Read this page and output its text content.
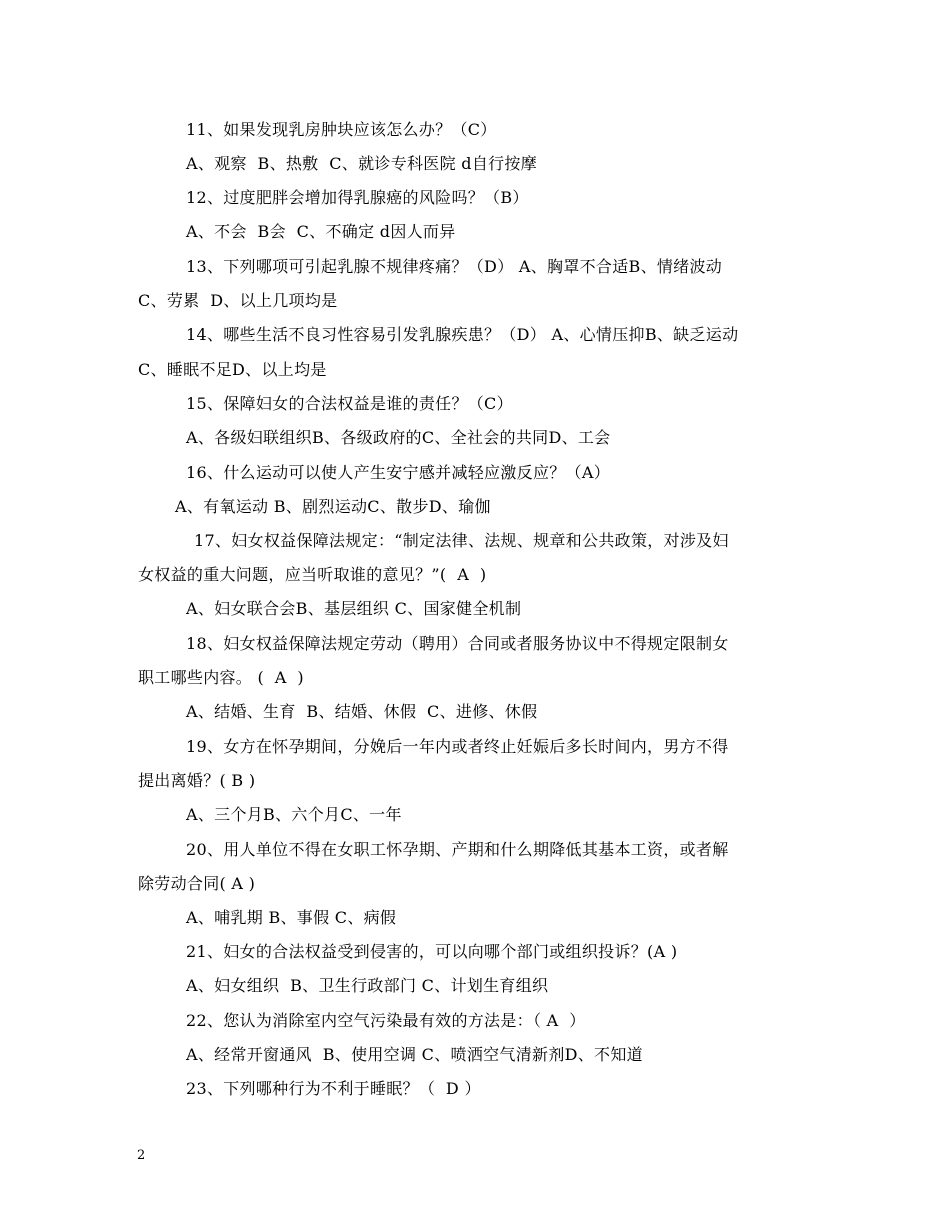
11、如果发现乳房肿块应该怎么办？（C）
A、观察  B、热敷  C、就诊专科医院 d自行按摩
12、过度肥胖会增加得乳腺癌的风险吗？（B）
A、不会  B会  C、不确定 d因人而异
13、下列哪项可引起乳腺不规律疼痛？（D） A、胸罩不合适B、情绪波动
C、劳累  D、以上几项均是
14、哪些生活不良习性容易引发乳腺疾患？（D） A、心情压抑B、缺乏运动
C、睡眠不足D、以上均是
15、保障妇女的合法权益是谁的责任？（C）
A、各级妇联组织B、各级政府的C、全社会的共同D、工会
16、什么运动可以使人产生安宁感并减轻应激反应？（A）
A、有氧运动 B、剧烈运动C、散步D、瑜伽
17、妇女权益保障法规定：“制定法律、法规、规章和公共政策，对涉及妇
女权益的重大问题，应当听取谁的意见？”(  A  )
A、妇女联合会B、基层组织 C、国家健全机制
18、妇女权益保障法规定劳动（聘用）合同或者服务协议中不得规定限制女
职工哪些内容。 (  A  )
A、结婚、生育  B、结婚、休假  C、进修、休假
19、女方在怀孕期间，分娩后一年内或者终止妊娠后多长时间内，男方不得
提出离婚？( B )
A、三个月B、六个月C、一年
20、用人单位不得在女职工怀孕期、产期和什么期降低其基本工资，或者解
除劳动合同( A )
A、哺乳期 B、事假 C、病假
21、妇女的合法权益受到侵害的，可以向哪个部门或组织投诉？(A )
A、妇女组织  B、卫生行政部门 C、计划生育组织
22、您认为消除室内空气污染最有效的方法是：（ A  ）
A、经常开窗通风  B、使用空调 C、喷洒空气清新剂D、不知道
23、下列哪种行为不利于睡眠？（  D ）
2
